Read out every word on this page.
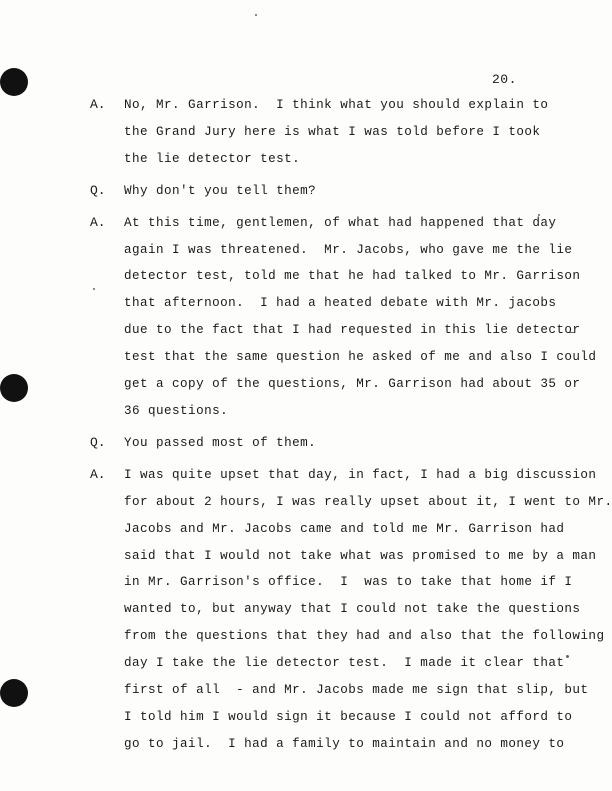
20.
A. No, Mr. Garrison.  I think what you should explain to
the Grand Jury here is what I was told before I took
the lie detector test.
Q. Why don't you tell them?
A. At this time, gentlemen, of what had happened that day
again I was threatened.  Mr. Jacobs, who gave me the lie
detector test, told me that he had talked to Mr. Garrison
that afternoon.  I had a heated debate with Mr. jacobs
due to the fact that I had requested in this lie detector
test that the same question he asked of me and also I could
get a copy of the questions, Mr. Garrison had about 35 or
36 questions.
Q. You passed most of them.
A. I was quite upset that day, in fact, I had a big discussion
for about 2 hours, I was really upset about it, I went to Mr.
Jacobs and Mr. Jacobs came and told me Mr. Garrison had
said that I would not take what was promised to me by a man
in Mr. Garrison's office.  I  was to take that home if I
wanted to, but anyway that I could not take the questions
from the questions that they had and also that the following
day I take the lie detector test.  I made it clear that
first of all  - and Mr. Jacobs made me sign that slip, but
I told him I would sign it because I could not afford to
go to jail.  I had a family to maintain and no money to
